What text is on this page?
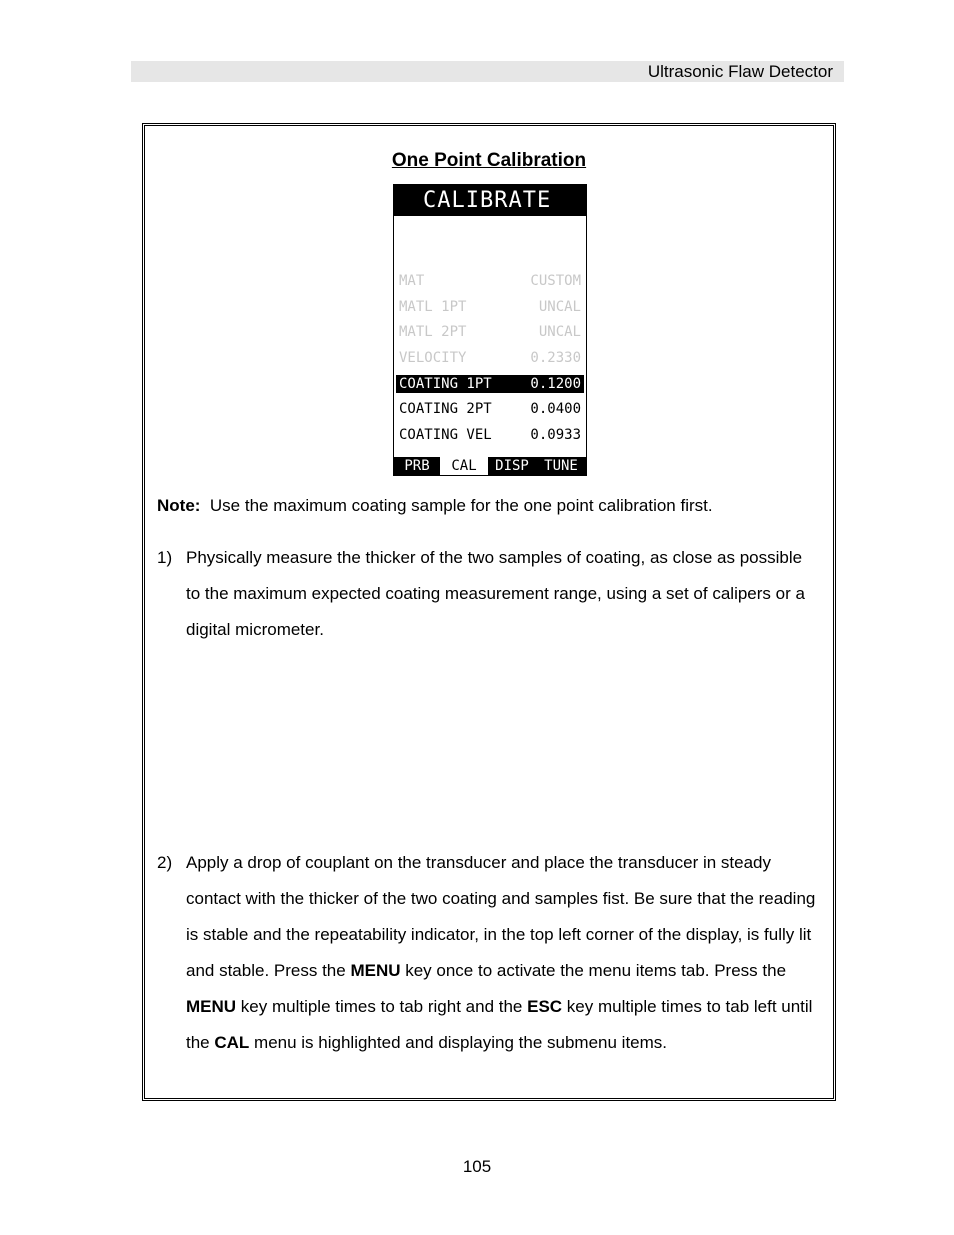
Ultrasonic Flaw Detector
One Point Calibration
CALIBRATE
MAT	CUSTOM
MATL 1PT	UNCAL
MATL 2PT	UNCAL
VELOCITY	0.2330
COATING 1PT	0.1200
COATING 2PT	0.0400
COATING VEL	0.0933
PRB	CAL	DISP	TUNE
Note: Use the maximum coating sample for the one point calibration first.
1) Physically measure the thicker of the two samples of coating, as close as possible to the maximum expected coating measurement range, using a set of calipers or a digital micrometer.
2) Apply a drop of couplant on the transducer and place the transducer in steady contact with the thicker of the two coating and samples fist. Be sure that the reading is stable and the repeatability indicator, in the top left corner of the display, is fully lit and stable. Press the MENU key once to activate the menu items tab. Press the MENU key multiple times to tab right and the ESC key multiple times to tab left until the CAL menu is highlighted and displaying the submenu items.
105
